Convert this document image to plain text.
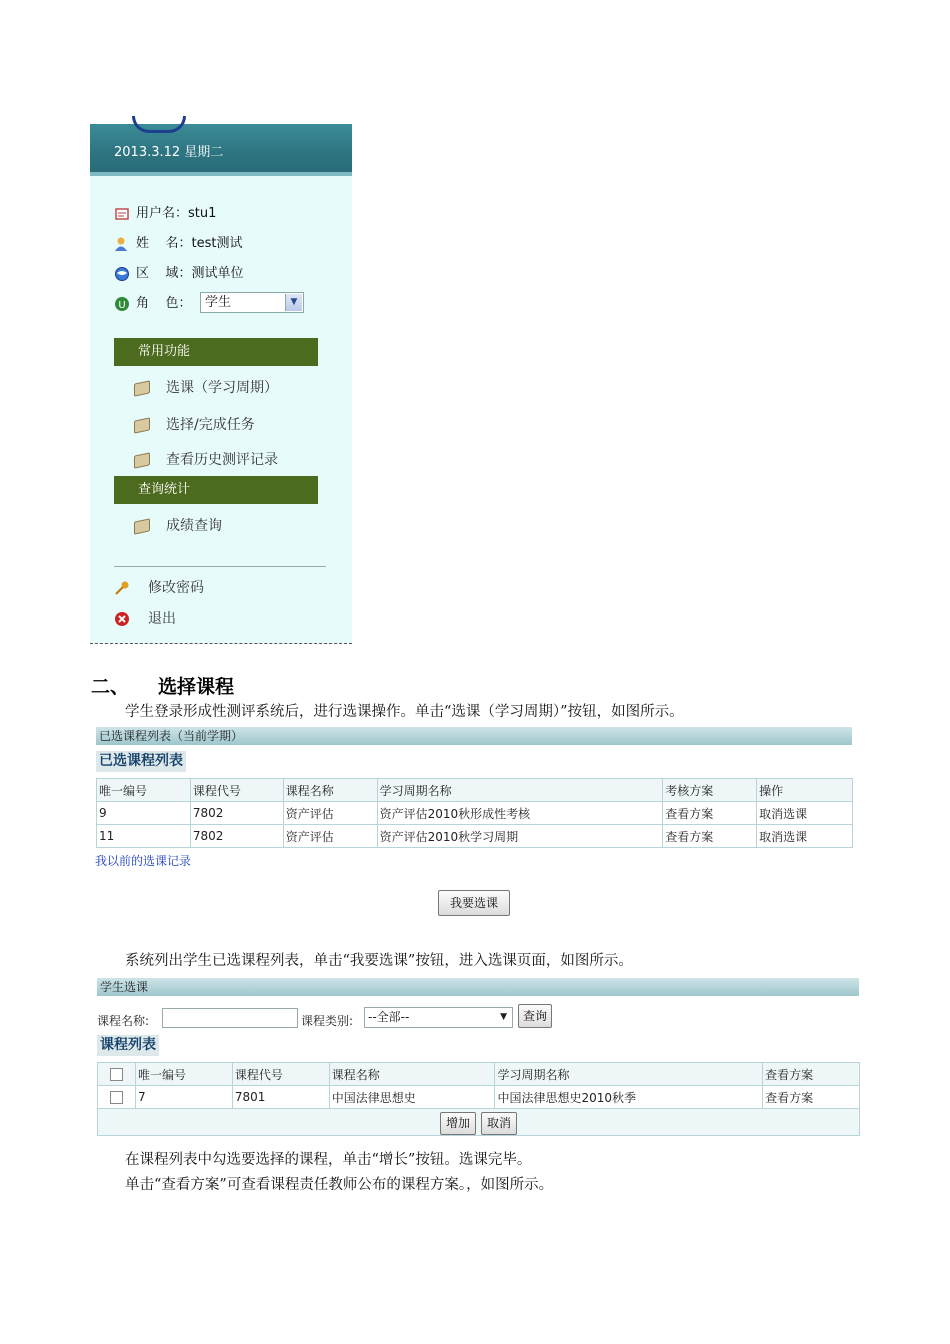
2013.3.12 星期二
用户名：stu1
姓    名：test测试
区    域：测试单位
U 角    色：	学生	▼
常用功能
选课（学习周期）
选择/完成任务
查看历史测评记录
查询统计
成绩查询
修改密码
退出
二、 选择课程
学生登录形成性测评系统后，进行选课操作。单击“选课（学习周期）”按钮，如图所示。
已选课程列表（当前学期）
已选课程列表
唯一编号	课程代号	课程名称	学习周期名称	考核方案	操作
9	7802	资产评估	资产评估2010秋形成性考核	查看方案	取消选课
11	7802	资产评估	资产评估2010秋学习周期	查看方案	取消选课
我以前的选课记录
我要选课
系统列出学生已选课程列表，单击“我要选课”按钮，进入选课页面，如图所示。
学生选课
课程名称:	课程类别:	--全部--	▼	查询
课程列表
	唯一编号	课程代号	课程名称	学习周期名称	查看方案
	7	7801	中国法律思想史	中国法律思想史2010秋季	查看方案

增加	取消
在课程列表中勾选要选择的课程，单击“增长”按钮。选课完毕。
单击“查看方案”可查看课程责任教师公布的课程方案。，如图所示。
